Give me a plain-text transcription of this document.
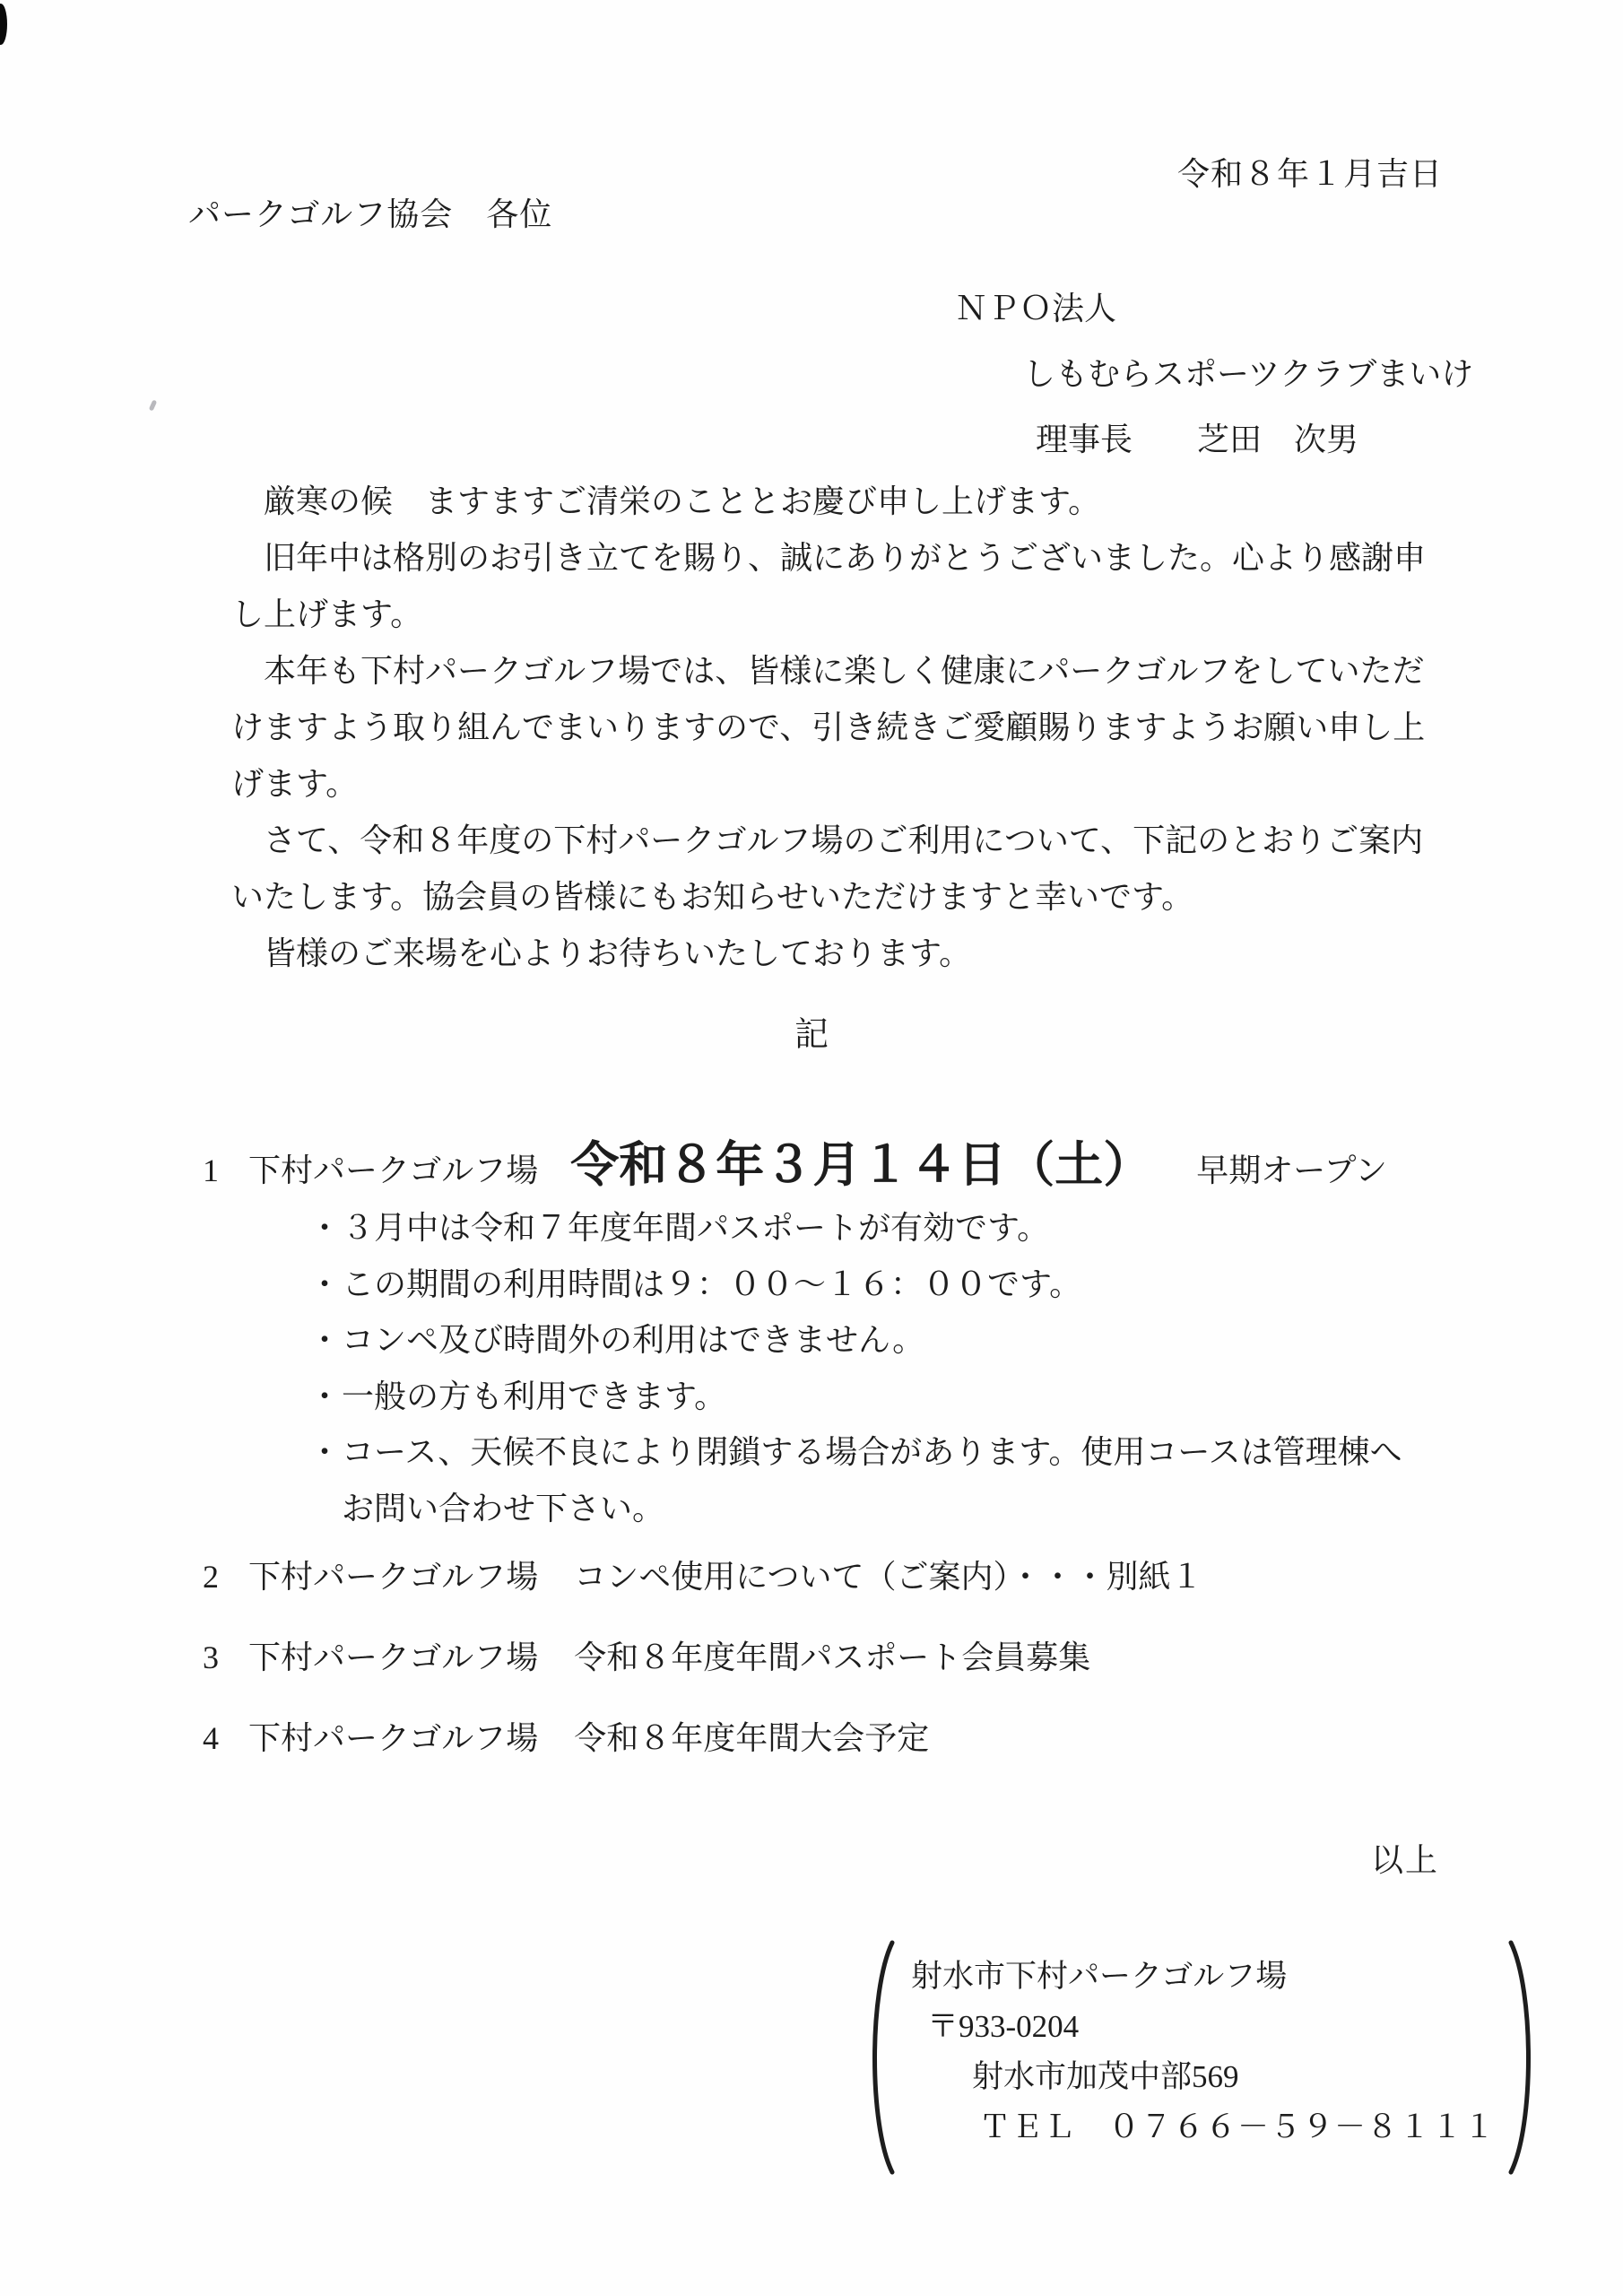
令和８年１月吉日
パークゴルフ協会　各位
ＮＰＯ法人
しもむらスポーツクラブまいけ
理事長　　芝田　次男
厳寒の候　ますますご清栄のこととお慶び申し上げます。
旧年中は格別のお引き立てを賜り、誠にありがとうございました。心より感謝申
し上げます。
本年も下村パークゴルフ場では、皆様に楽しく健康にパークゴルフをしていただ
けますよう取り組んでまいりますので、引き続きご愛顧賜りますようお願い申し上
げます。
さて、令和８年度の下村パークゴルフ場のご利用について、下記のとおりご案内
いたします。協会員の皆様にもお知らせいただけますと幸いです。
皆様のご来場を心よりお待ちいたしております。
記
1 下村パークゴルフ場 令和８年３月１４日（土） 早期オープン
・３月中は令和７年度年間パスポートが有効です。
・この期間の利用時間は９：００～１６：００です。
・コンペ及び時間外の利用はできません。
・一般の方も利用できます。
・コース、天候不良により閉鎖する場合があります。使用コースは管理棟へ
お問い合わせ下さい。
2 下村パークゴルフ場 コンペ使用について（ご案内）・・・別紙１
3 下村パークゴルフ場 令和８年度年間パスポート会員募集
4 下村パークゴルフ場 令和８年度年間大会予定
以上
射水市下村パークゴルフ場
〒933-0204
射水市加茂中部569
ＴＥＬ　０７６６－５９－８１１１
